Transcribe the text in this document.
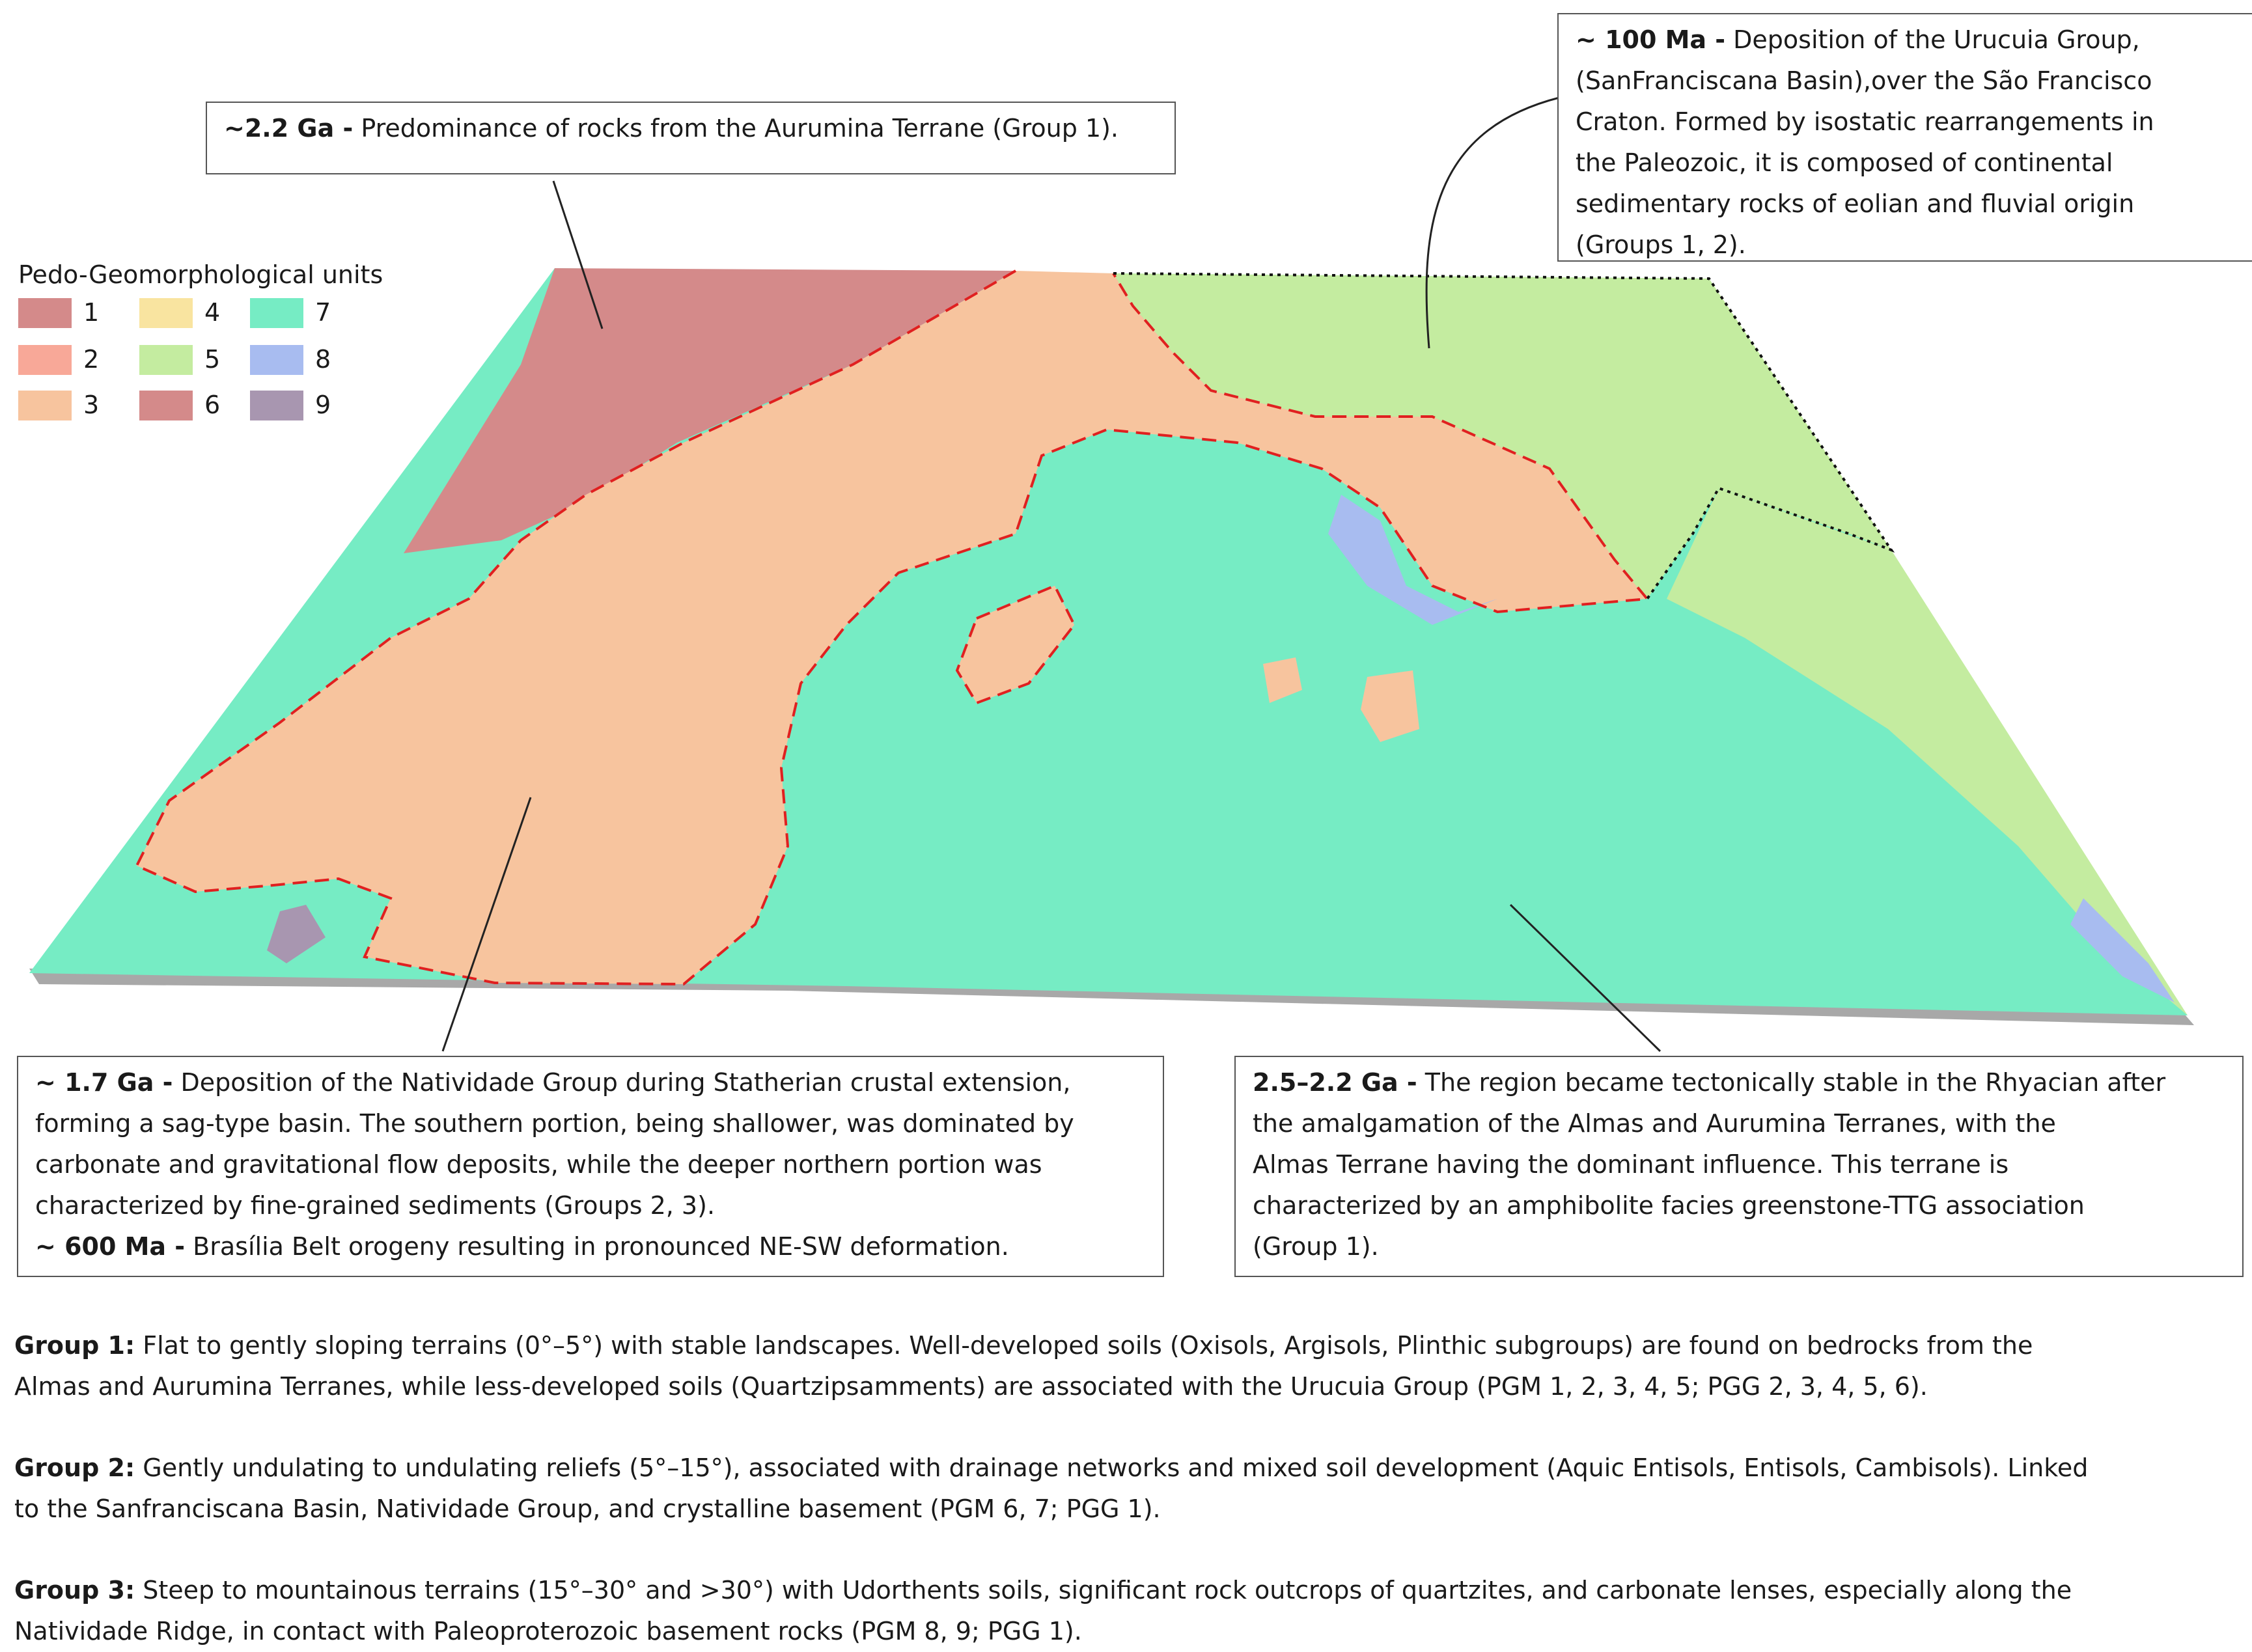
Pedo-Geomorphological units
1
2
3
4
5
6
7
8
9
~2.2 Ga - Predominance of rocks from the Aurumina Terrane (Group 1).
~ 100 Ma - Deposition of the Urucuia Group,
(SanFranciscana Basin),over the São Francisco
Craton. Formed by isostatic rearrangements in
the Paleozoic, it is composed of continental
sedimentary rocks of eolian and fluvial origin
(Groups 1, 2).
~ 1.7 Ga - Deposition of the Natividade Group during Statherian crustal extension,
forming a sag-type basin. The southern portion, being shallower, was dominated by
carbonate and gravitational flow deposits, while the deeper northern portion was
characterized by fine-grained sediments (Groups 2, 3).
~ 600 Ma - Brasília Belt orogeny resulting in pronounced NE-SW deformation.
2.5–2.2 Ga - The region became tectonically stable in the Rhyacian after
the amalgamation of the Almas and Aurumina Terranes, with the
Almas Terrane having the dominant influence. This terrane is
characterized by an amphibolite facies greenstone-TTG association
(Group 1).
Group 1: Flat to gently sloping terrains (0°–5°) with stable landscapes. Well-developed soils (Oxisols, Argisols, Plinthic subgroups) are found on bedrocks from the
Almas and Aurumina Terranes, while less-developed soils (Quartzipsamments) are associated with the Urucuia Group (PGM 1, 2, 3, 4, 5; PGG 2, 3, 4, 5, 6).
Group 2: Gently undulating to undulating reliefs (5°–15°), associated with drainage networks and mixed soil development (Aquic Entisols, Entisols, Cambisols). Linked
to the Sanfranciscana Basin, Natividade Group, and crystalline basement (PGM 6, 7; PGG 1).
Group 3: Steep to mountainous terrains (15°–30° and >30°) with Udorthents soils, significant rock outcrops of quartzites, and carbonate lenses, especially along the
Natividade Ridge, in contact with Paleoproterozoic basement rocks (PGM 8, 9; PGG 1).
